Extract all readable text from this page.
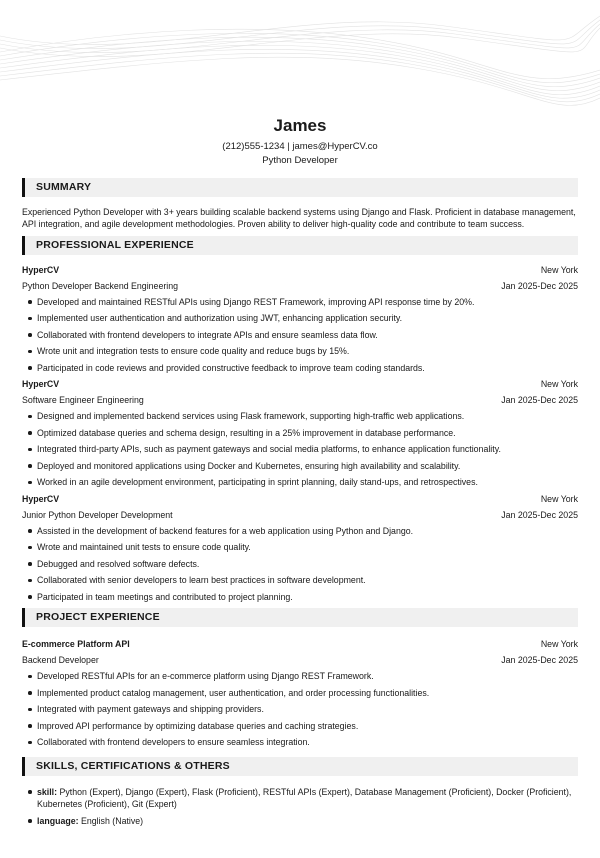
James
(212)555-1234 | james@HyperCV.co
Python Developer
SUMMARY

Experienced Python Developer with 3+ years building scalable backend systems using Django and Flask. Proficient in database management, API integration, and agile development methodologies. Proven ability to deliver high-quality code and contribute to team success.

PROFESSIONAL EXPERIENCE
HyperCV	New York
Python Developer Backend Engineering	Jan 2025-Dec 2025
Developed and maintained RESTful APIs using Django REST Framework, improving API response time by 20%.
Implemented user authentication and authorization using JWT, enhancing application security.
Collaborated with frontend developers to integrate APIs and ensure seamless data flow.
Wrote unit and integration tests to ensure code quality and reduce bugs by 15%.
Participated in code reviews and provided constructive feedback to improve team coding standards.
HyperCV	New York
Software Engineer Engineering	Jan 2025-Dec 2025
Designed and implemented backend services using Flask framework, supporting high-traffic web applications.
Optimized database queries and schema design, resulting in a 25% improvement in database performance.
Integrated third-party APIs, such as payment gateways and social media platforms, to enhance application functionality.
Deployed and monitored applications using Docker and Kubernetes, ensuring high availability and scalability.
Worked in an agile development environment, participating in sprint planning, daily stand-ups, and retrospectives.
HyperCV	New York
Junior Python Developer Development	Jan 2025-Dec 2025
Assisted in the development of backend features for a web application using Python and Django.
Wrote and maintained unit tests to ensure code quality.
Debugged and resolved software defects.
Collaborated with senior developers to learn best practices in software development.
Participated in team meetings and contributed to project planning.
PROJECT EXPERIENCE
E-commerce Platform API	New York
Backend Developer	Jan 2025-Dec 2025
Developed RESTful APIs for an e-commerce platform using Django REST Framework.
Implemented product catalog management, user authentication, and order processing functionalities.
Integrated with payment gateways and shipping providers.
Improved API performance by optimizing database queries and caching strategies.
Collaborated with frontend developers to ensure seamless integration.
SKILLS, CERTIFICATIONS & OTHERS
skill: Python (Expert), Django (Expert), Flask (Proficient), RESTful APIs (Expert), Database Management (Proficient), Docker (Proficient), Kubernetes (Proficient), Git (Expert)
language: English (Native)
